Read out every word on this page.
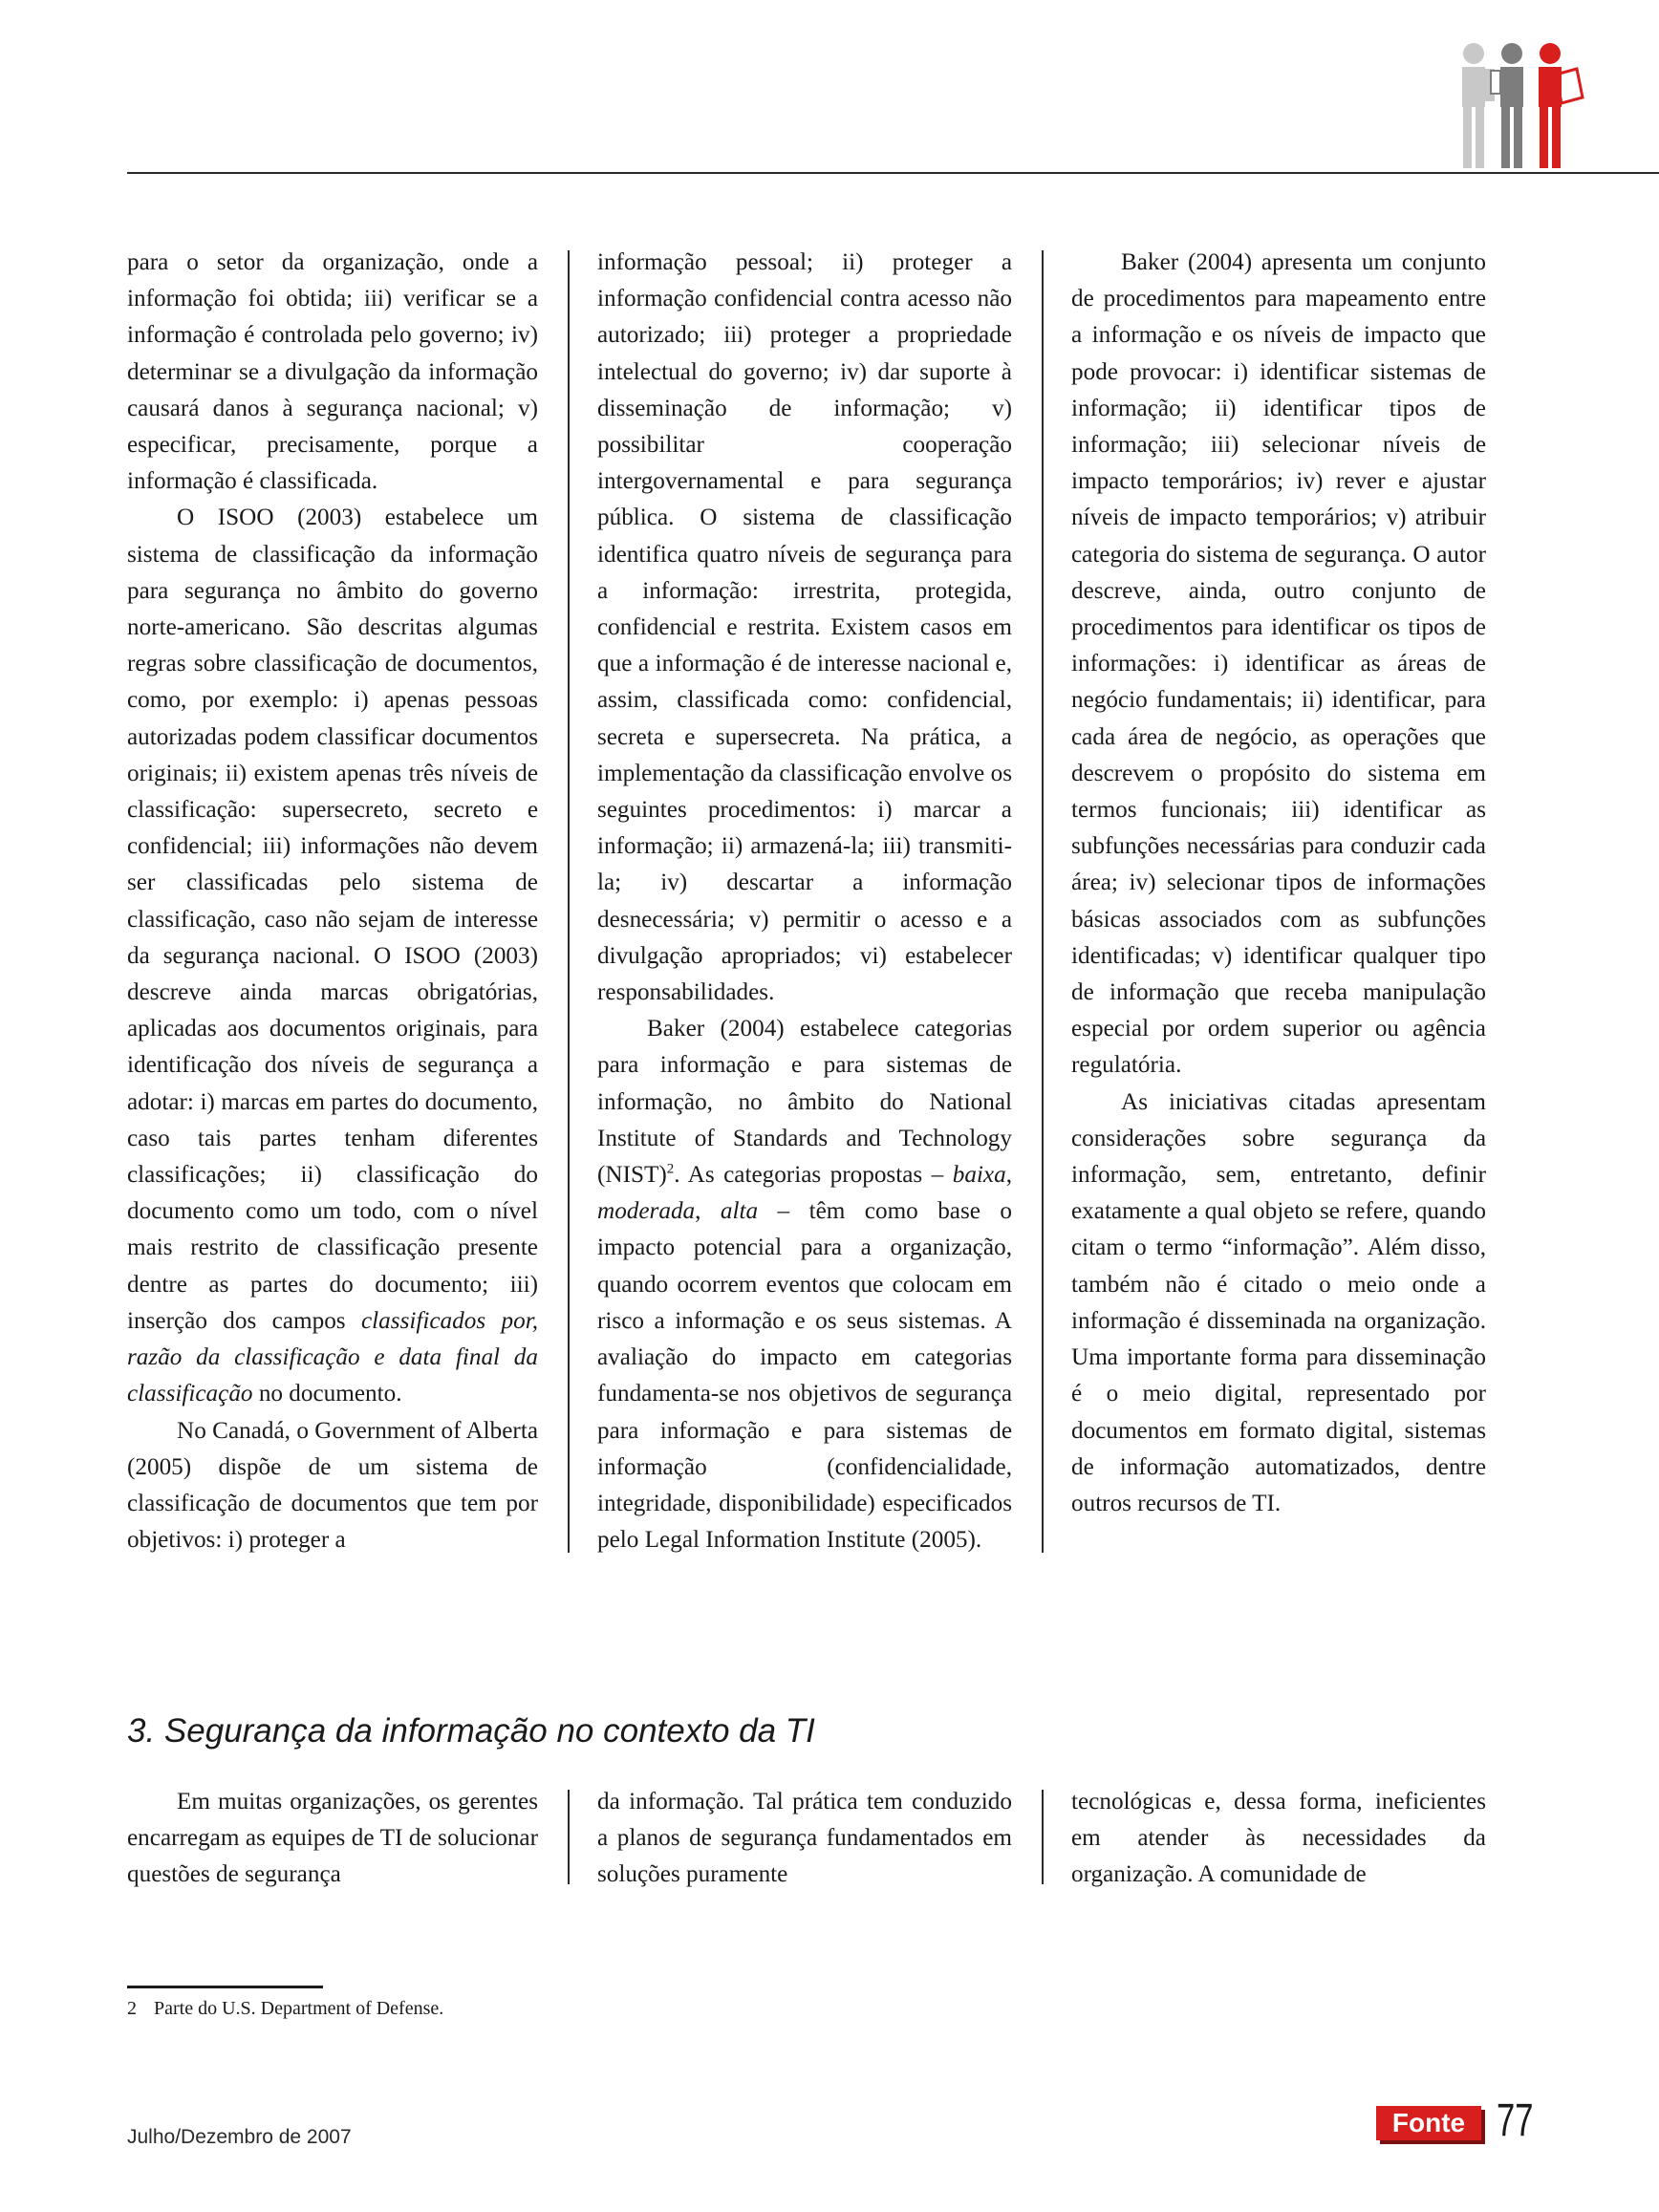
para o setor da organização, onde a informação foi obtida; iii) verificar se a informação é controlada pelo governo; iv) determinar se a divulgação da informação causará danos à segurança nacional; v) especificar, precisamente, porque a informação é classificada.

O ISOO (2003) estabelece um sistema de classificação da informação para segurança no âmbito do governo norte-americano. São descritas algumas regras sobre classificação de documentos, como, por exemplo: i) apenas pessoas autorizadas podem classificar documentos originais; ii) existem apenas três níveis de classificação: supersecreto, secreto e confidencial; iii) informações não devem ser classificadas pelo sistema de classificação, caso não sejam de interesse da segurança nacional. O ISOO (2003) descreve ainda marcas obrigatórias, aplicadas aos documentos originais, para identificação dos níveis de segurança a adotar: i) marcas em partes do documento, caso tais partes tenham diferentes classificações; ii) classificação do documento como um todo, com o nível mais restrito de classificação presente dentre as partes do documento; iii) inserção dos campos classificados por, razão da classificação e data final da classificação no documento.

No Canadá, o Government of Alberta (2005) dispõe de um sistema de classificação de documentos que tem por objetivos: i) proteger a

informação pessoal; ii) proteger a informação confidencial contra acesso não autorizado; iii) proteger a propriedade intelectual do governo; iv) dar suporte à disseminação de informação; v) possibilitar cooperação intergovernamental e para segurança pública. O sistema de classificação identifica quatro níveis de segurança para a informação: irrestrita, protegida, confidencial e restrita. Existem casos em que a informação é de interesse nacional e, assim, classificada como: confidencial, secreta e supersecreta. Na prática, a implementação da classificação envolve os seguintes procedimentos: i) marcar a informação; ii) armazená-la; iii) transmiti-la; iv) descartar a informação desnecessária; v) permitir o acesso e a divulgação apropriados; vi) estabelecer responsabilidades.

Baker (2004) estabelece categorias para informação e para sistemas de informação, no âmbito do National Institute of Standards and Technology (NIST)$^2$. As categorias propostas – baixa, moderada, alta – têm como base o impacto potencial para a organização, quando ocorrem eventos que colocam em risco a informação e os seus sistemas. A avaliação do impacto em categorias fundamenta-se nos objetivos de segurança para informação e para sistemas de informação (confidencialidade, integridade, disponibilidade) especificados pelo Legal Information Institute (2005).

Baker (2004) apresenta um conjunto de procedimentos para mapeamento entre a informação e os níveis de impacto que pode provocar: i) identificar sistemas de informação; ii) identificar tipos de informação; iii) selecionar níveis de impacto temporários; iv) rever e ajustar níveis de impacto temporários; v) atribuir categoria do sistema de segurança. O autor descreve, ainda, outro conjunto de procedimentos para identificar os tipos de informações: i) identificar as áreas de negócio fundamentais; ii) identificar, para cada área de negócio, as operações que descrevem o propósito do sistema em termos funcionais; iii) identificar as subfunções necessárias para conduzir cada área; iv) selecionar tipos de informações básicas associados com as subfunções identificadas; v) identificar qualquer tipo de informação que receba manipulação especial por ordem superior ou agência regulatória.

As iniciativas citadas apresentam considerações sobre segurança da informação, sem, entretanto, definir exatamente a qual objeto se refere, quando citam o termo “informação”. Além disso, também não é citado o meio onde a informação é disseminada na organização. Uma importante forma para disseminação é o meio digital, representado por documentos em formato digital, sistemas de informação automatizados, dentre outros recursos de TI.

3. Segurança da informação no contexto da TI

Em muitas organizações, os gerentes encarregam as equipes de TI de solucionar questões de segurança

da informação. Tal prática tem conduzido a planos de segurança fundamentados em soluções puramente

tecnológicas e, dessa forma, ineficientes em atender às necessidades da organização. A comunidade de

2 Parte do U.S. Department of Defense.
Julho/Dezembro de 2007	Fonte 77
